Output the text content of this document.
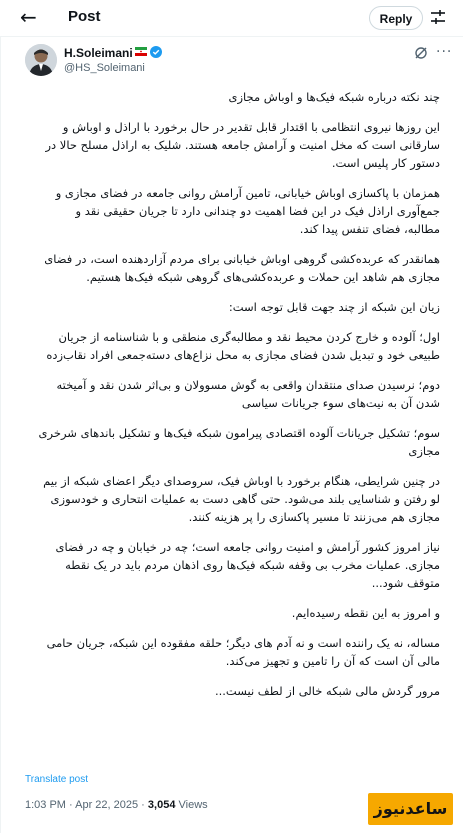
← Post	Reply
H.Soleimani
@HS_Soleimani
···

چند نکته درباره شبکه فیک‌ها و اوباش مجازی

این روزها نیروی انتظامی با اقتدار قابل تقدیر در حال برخورد با اراذل و اوباش و
سارقانی است که مخل امنیت و آرامش جامعه هستند. شلیک به اراذل مسلح حالا در
دستور کار پلیس است.

همزمان با پاکسازی اوباش خیابانی، تامین آرامش روانی جامعه در فضای مجازی و
جمع‌آوری اراذل فیک در این فضا اهمیت دو چندانی دارد تا جریان حقیقی نقد و
مطالبه، فضای تنفس پیدا کند.

همانقدر که عربده‌کشی گروهی اوباش خیابانی برای مردم آزاردهنده است، در فضای
مجازی هم شاهد این حملات و عربده‌کشی‌های گروهی شبکه فیک‌ها هستیم.

زیان این شبکه از چند جهت قابل توجه است:

اول؛ آلوده و خارج کردن محیط نقد و مطالبه‌گری منطقی و با شناسنامه از جریان
طبیعی خود و تبدیل شدن فضای مجازی به محل نزاع‌های دسته‌جمعی افراد نقاب‌زده

دوم؛ نرسیدن صدای منتقدان واقعی به گوش مسوولان و بی‌اثر شدن نقد و آمیخته
شدن آن به نیت‌های سوء جریانات سیاسی

سوم؛ تشکیل جریانات آلوده اقتصادی پیرامون شبکه فیک‌ها و تشکیل باندهای شرخری
مجازی

در چنین شرایطی، هنگام برخورد با اوباش فیک، سروصدای دیگر اعضای شبکه از بیم
لو رفتن و شناسایی بلند می‌شود. حتی گاهی دست به عملیات انتحاری و خودسوزی
مجازی هم می‌زنند تا مسیر پاکسازی را پر هزینه کنند.

نیاز امروز کشور آرامش و امنیت روانی جامعه است؛ چه در خیابان و چه در فضای
مجازی. عملیات مخرب بی وقفه شبکه فیک‌ها روی اذهان مردم باید در یک نقطه
متوقف شود...

و امروز به این نقطه رسیده‌ایم.

مساله، نه یک راننده است و نه آدم های دیگر؛ حلقه مفقوده این شبکه، جریان حامی
مالی آن است که آن را تامین و تجهیز می‌کند.

مرور گردش مالی شبکه خالی از لطف نیست...

Translate post
1:03 PM · Apr 22, 2025 · 3,054 Views	ساعدنیوز
